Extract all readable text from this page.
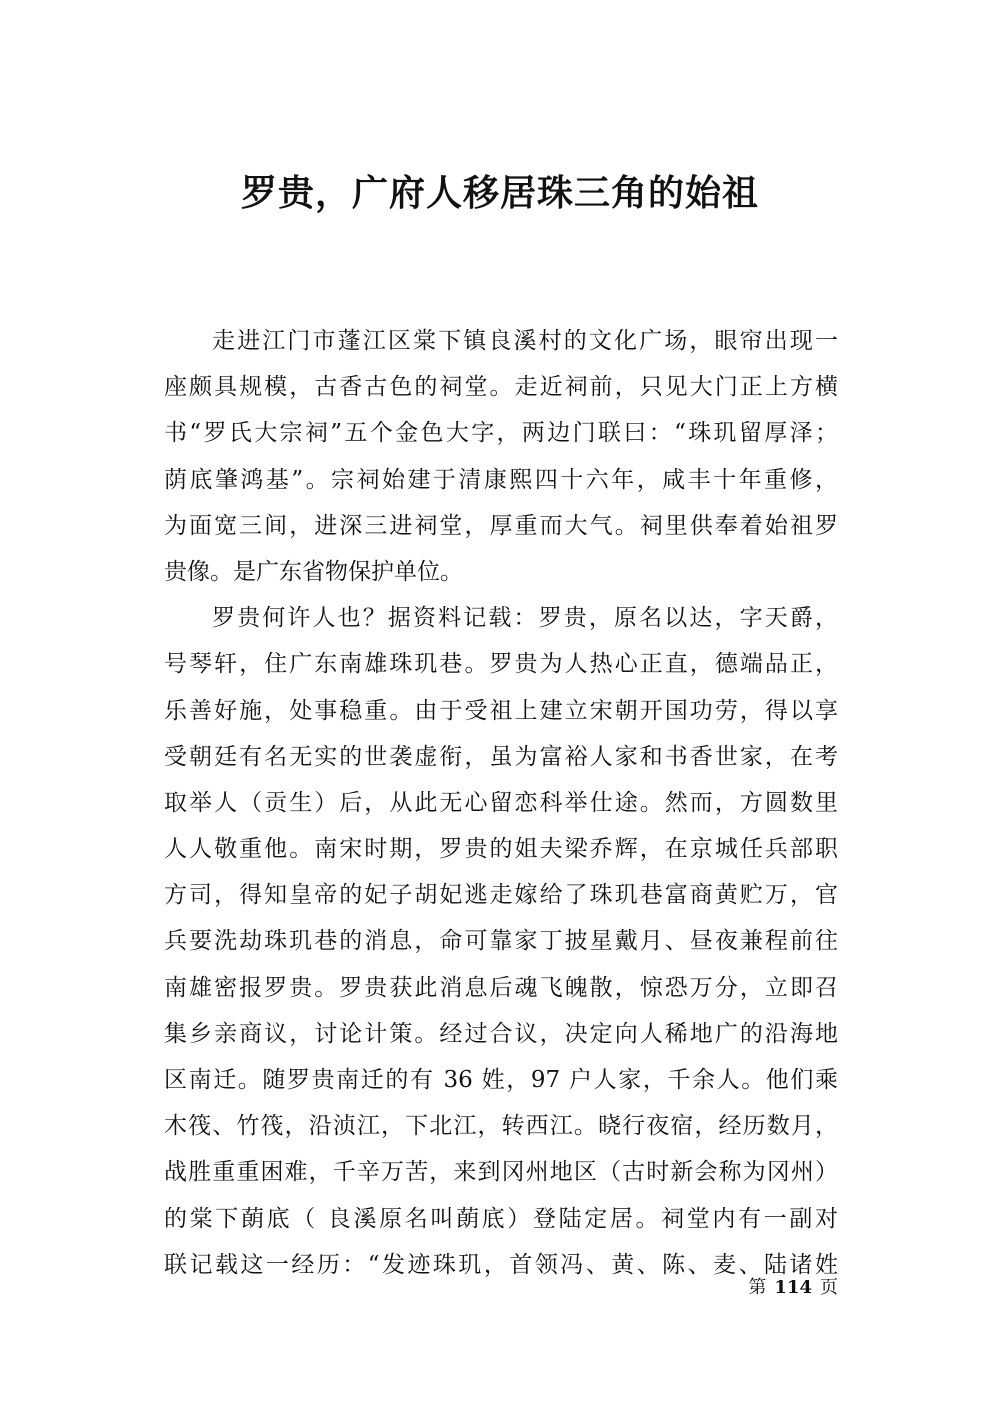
罗贵，广府人移居珠三角的始祖
走进江门市蓬江区棠下镇良溪村的文化广场，眼帘出现一
座颇具规模，古香古色的祠堂。走近祠前，只见大门正上方横
书“罗氏大宗祠”五个金色大字，两边门联曰：“珠玑留厚泽；
荫底肇鸿基”。宗祠始建于清康熙四十六年，咸丰十年重修，
为面宽三间，进深三进祠堂，厚重而大气。祠里供奉着始祖罗
贵像。是广东省物保护单位。
罗贵何许人也？据资料记载：罗贵，原名以达，字天爵，
号琴轩，住广东南雄珠玑巷。罗贵为人热心正直，德端品正，
乐善好施，处事稳重。由于受祖上建立宋朝开国功劳，得以享
受朝廷有名无实的世袭虚衔，虽为富裕人家和书香世家，在考
取举人（贡生）后，从此无心留恋科举仕途。然而，方圆数里
人人敬重他。南宋时期，罗贵的姐夫梁乔辉，在京城任兵部职
方司，得知皇帝的妃子胡妃逃走嫁给了珠玑巷富商黄贮万，官
兵要洗劫珠玑巷的消息，命可靠家丁披星戴月、昼夜兼程前往
南雄密报罗贵。罗贵获此消息后魂飞魄散，惊恐万分，立即召
集乡亲商议，讨论计策。经过合议，决定向人稀地广的沿海地
区南迁。随罗贵南迁的有 36 姓，97 户人家，千余人。他们乘
木筏、竹筏，沿浈江，下北江，转西江。晓行夜宿，经历数月，
战胜重重困难，千辛万苦，来到冈州地区（古时新会称为冈州）
的棠下蓢底（ 良溪原名叫蓢底）登陆定居。祠堂内有一副对
联记载这一经历：“发迹珠玑，首领冯、黄、陈、麦、陆诸姓
第 114 页
